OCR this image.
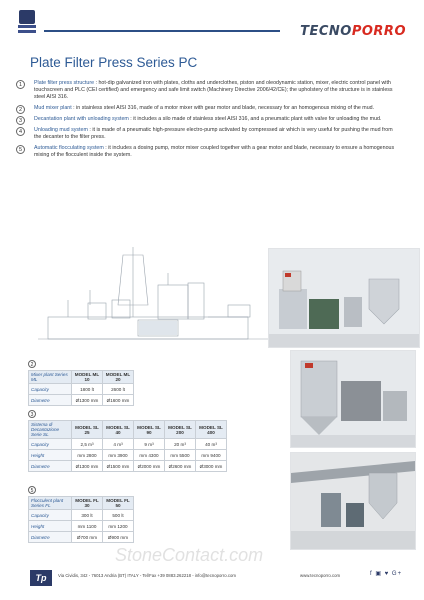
TECNOPORRO
Plate Filter Press Series PC
1	Plate filter press structure : hot-dip galvanized iron with plates, cloths and underclothes, piston and oleodynamic station, mixer, electric control panel with touchscreen and PLC (CEI certified) and emergency and safe limit switch (Machinery Directive 2006/42/CE); the upholstery of the structure is in stainless steel AISI 316.
2	Mud mixer plant : in stainless steel AISI 316, made of a motor mixer with gear motor and blade, necessary for an homogenous mixing of the mud.
3	Decantation plant with unloading system : it includes a silo made of stainless steel AISI 316, and a pneumatic plant with valve for unloading the mud.
4	Unloading mud system : it is made of a pneumatic high-pressure electro-pump activated by compressed air which is very useful for pushing the mud from the decanter to the filter press.
5	Automatic flocculating system : it includes a dosing pump, motor mixer coupled together with a gear motor and blade, necessary to ensure a homogenous mixing of the flocculent inside the system.
2
Mixer plant Series ML	MODEL ML 10	MODEL ML 20
Capacity	1800 lt	2600 lt
Diametre	Ø1300 mm	Ø1600 mm
3
Sistema di Decantazione Serie SL	MODEL SL 25	MODEL SL 40	MODEL SL 90	MODEL SL 200	MODEL SL 400
Capacity	2,5 m³	4 m³	9 m³	20 m³	40 m³
Height	mm 2800	mm 3900	mm 4300	mm 5500	mm 9400
Diametre	Ø1300 mm	Ø1500 mm	Ø2000 mm	Ø2600 mm	Ø3000 mm
5
Flocculent plant Series FL	MODEL FL 30	MODEL FL 50
Capacity	300 lt	500 lt
Height	mm 1100	mm 1200
Diametre	Ø700 mm	Ø900 mm
StoneContact.com
Tp	Via Cividis, 342 - 76013 Andria (BT) ITALY - Tel/Fax +39 0883.262218 - info@tecnoporro.com	www.tecnoporro.com	f ▣ ♥ G+
